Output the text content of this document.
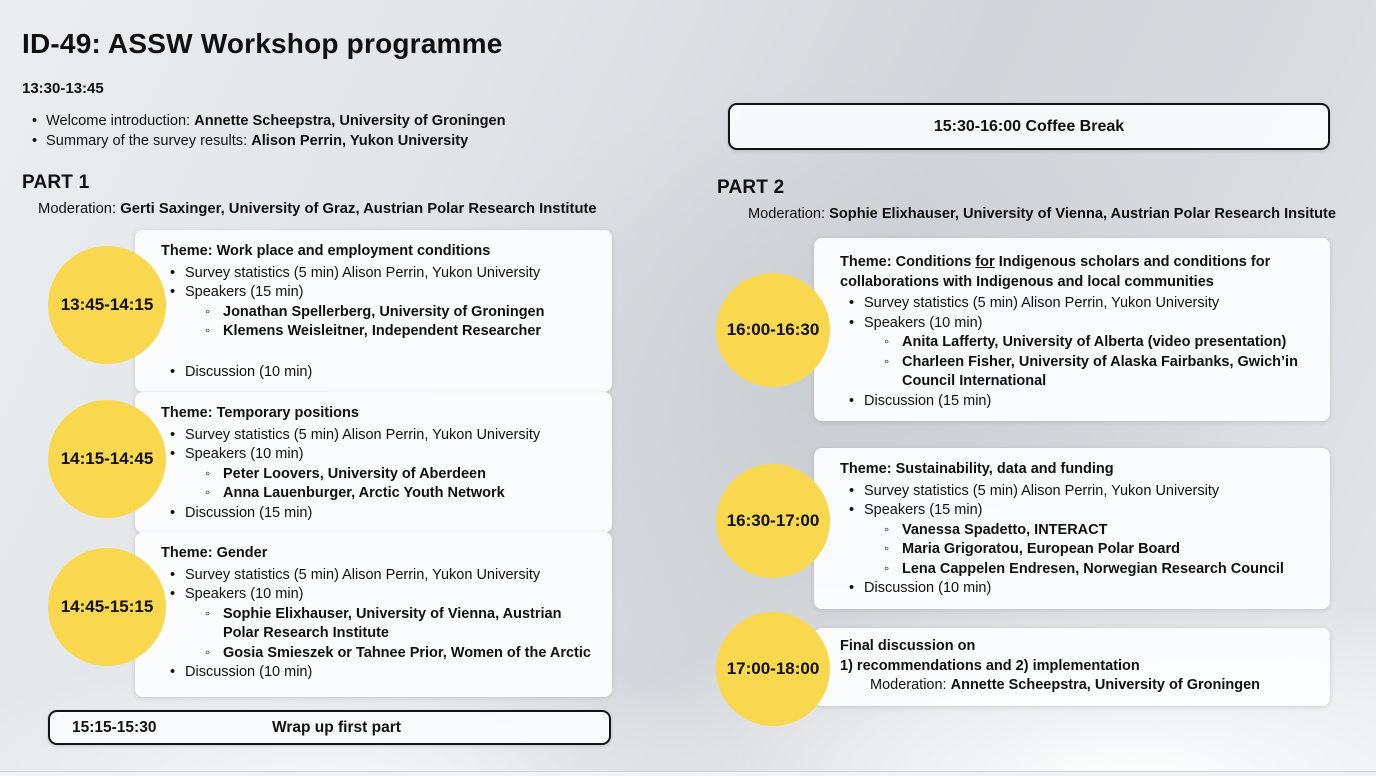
ID-49: ASSW Workshop programme
13:30-13:45
• Welcome introduction: Annette Scheepstra, University of Groningen
• Summary of the survey results: Alison Perrin, Yukon University
PART 1
Moderation: Gerti Saxinger, University of Graz, Austrian Polar Research Institute
15:30-16:00 Coffee Break
PART 2
Moderation: Sophie Elixhauser, University of Vienna, Austrian Polar Research Insitute
Theme: Work place and employment conditions
• Survey statistics (5 min) Alison Perrin, Yukon University
• Speakers (15 min)
◦ Jonathan Spellerberg, University of Groningen
◦ Klemens Weisleitner, Independent Researcher
• Discussion (10 min)
13:45-14:15
Theme: Temporary positions
• Survey statistics (5 min) Alison Perrin, Yukon University
• Speakers (10 min)
◦ Peter Loovers, University of Aberdeen
◦ Anna Lauenburger, Arctic Youth Network
• Discussion (15 min)
14:15-14:45
Theme: Gender
• Survey statistics (5 min) Alison Perrin, Yukon University
• Speakers (10 min)
◦ Sophie Elixhauser, University of Vienna, Austrian Polar Research Institute
◦ Gosia Smieszek or Tahnee Prior, Women of the Arctic
• Discussion (10 min)
14:45-15:15
Theme: Conditions for Indigenous scholars and conditions for collaborations with Indigenous and local communities
• Survey statistics (5 min) Alison Perrin, Yukon University
• Speakers (10 min)
◦ Anita Lafferty, University of Alberta (video presentation)
◦ Charleen Fisher, University of Alaska Fairbanks, Gwich’in Council International
• Discussion (15 min)
16:00-16:30
Theme: Sustainability, data and funding
• Survey statistics (5 min) Alison Perrin, Yukon University
• Speakers (15 min)
◦ Vanessa Spadetto, INTERACT
◦ Maria Grigoratou, European Polar Board
◦ Lena Cappelen Endresen, Norwegian Research Council
• Discussion (10 min)
16:30-17:00
Final discussion on
1) recommendations and 2) implementation
Moderation: Annette Scheepstra, University of Groningen
17:00-18:00
15:15-15:30	Wrap up first part
